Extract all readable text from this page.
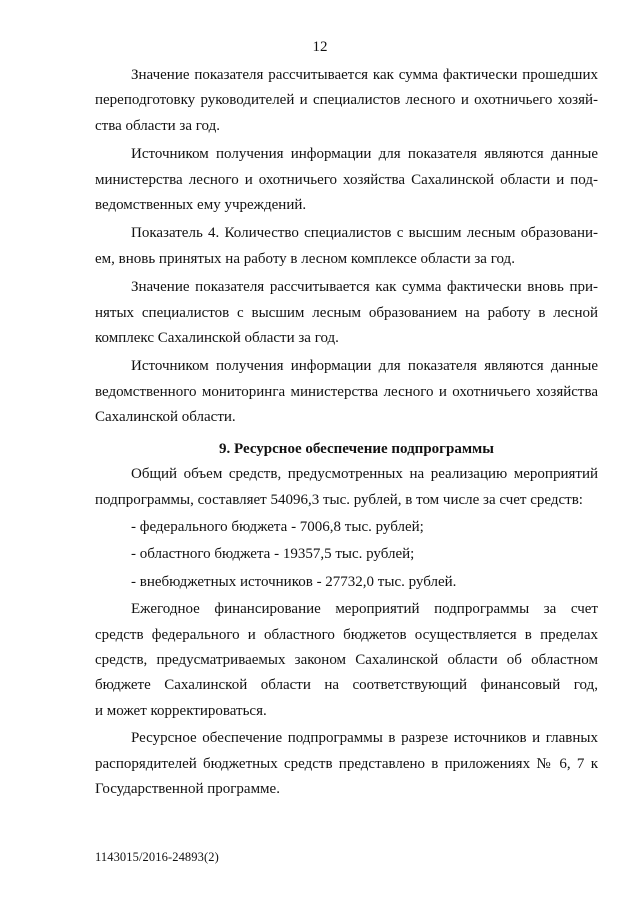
12
Значение показателя рассчитывается как сумма фактически прошедших
переподготовку руководителей и специалистов лесного и охотничьего хозяй-
ства области за год.
Источником получения информации для показателя являются данные
министерства лесного и охотничьего хозяйства Сахалинской области и под-
ведомственных ему учреждений.
Показатель 4. Количество специалистов с высшим лесным образовани-
ем, вновь принятых на работу в лесном комплексе области за год.
Значение показателя рассчитывается как сумма фактически вновь при-
нятых специалистов с высшим лесным образованием на работу в лесной
комплекс Сахалинской области за год.
Источником получения информации для показателя являются данные
ведомственного мониторинга министерства лесного и охотничьего хозяйства
Сахалинской области.
9. Ресурсное обеспечение подпрограммы
Общий объем средств, предусмотренных на реализацию мероприятий
подпрограммы, составляет 54096,3 тыс. рублей, в том числе за счет средств:
- федерального бюджета - 7006,8 тыс. рублей;
- областного бюджета - 19357,5 тыс. рублей;
- внебюджетных источников - 27732,0 тыс. рублей.
Ежегодное финансирование мероприятий подпрограммы за счет
средств федерального и областного бюджетов осуществляется в пределах
средств, предусматриваемых законом Сахалинской области об областном
бюджете Сахалинской области на соответствующий финансовый год,
и может корректироваться.
Ресурсное обеспечение подпрограммы в разрезе источников и главных
распорядителей бюджетных средств представлено в приложениях № 6, 7 к
Государственной программе.
1143015/2016-24893(2)
